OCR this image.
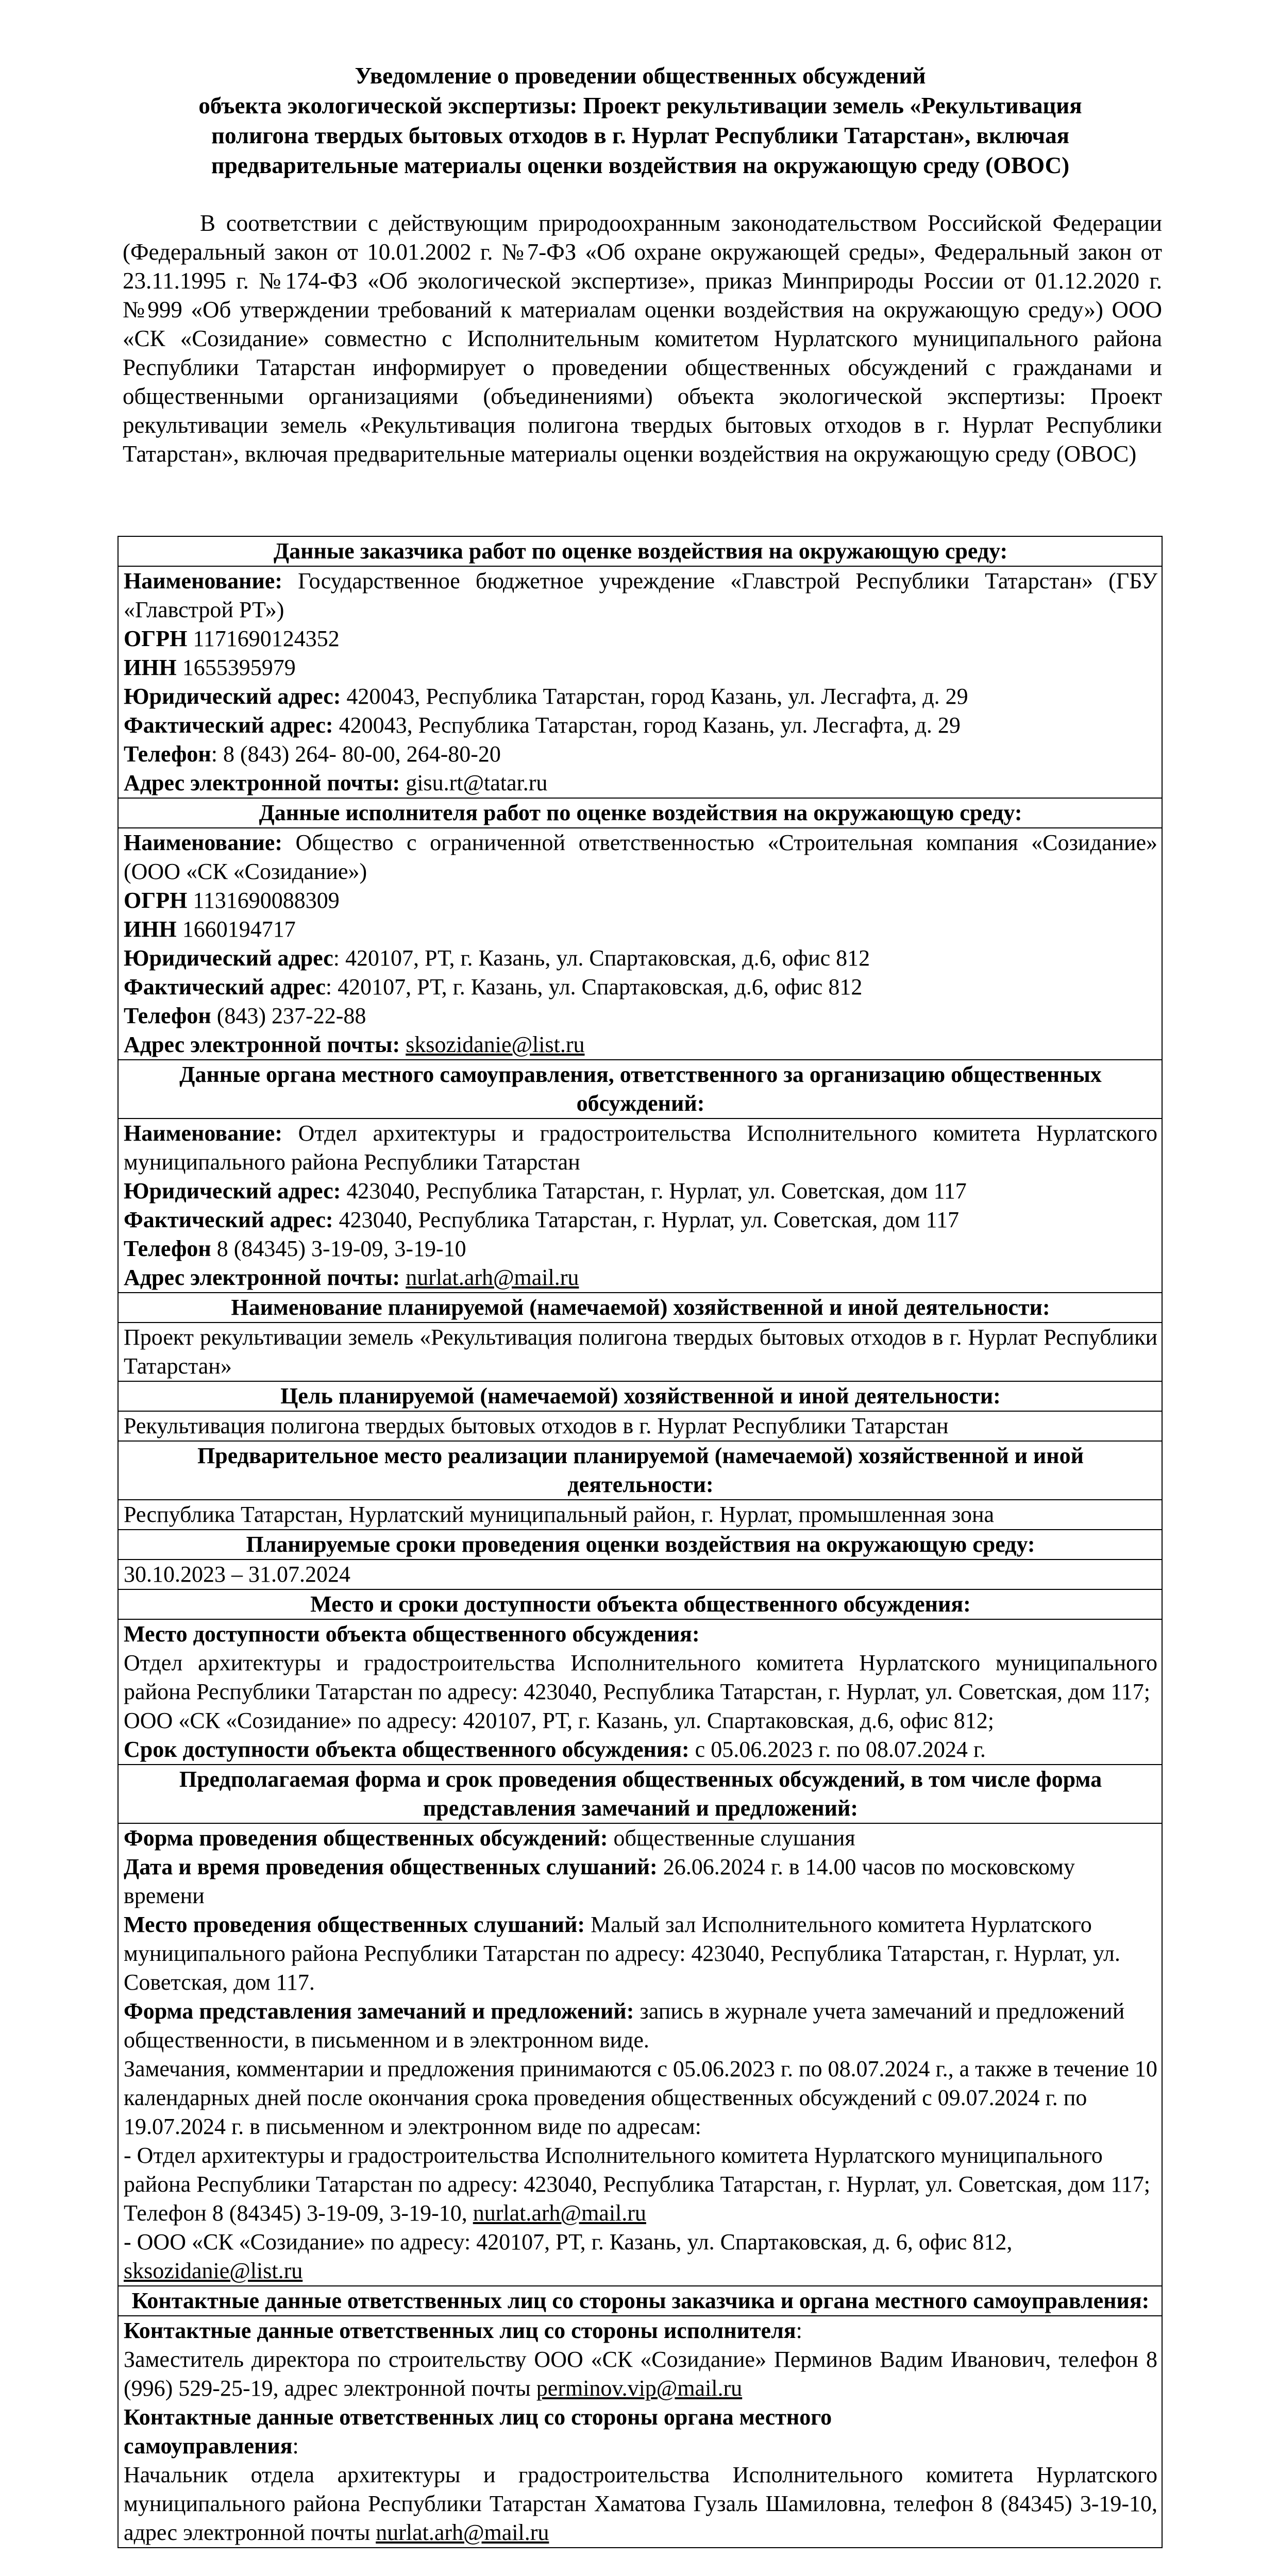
Уведомление о проведении общественных обсуждений
объекта экологической экспертизы: Проект рекультивации земель «Рекультивация
полигона твердых бытовых отходов в г. Нурлат Республики Татарстан», включая
предварительные материалы оценки воздействия на окружающую среду (ОВОС)

В соответствии с действующим природоохранным законодательством Российской Федерации (Федеральный закон от 10.01.2002 г. №7-ФЗ «Об охране окружающей среды», Федеральный закон от 23.11.1995 г. №174-ФЗ «Об экологической экспертизе», приказ Минприроды России от 01.12.2020 г. №999 «Об утверждении требований к материалам оценки воздействия на окружающую среду») ООО «СК «Созидание» совместно с Исполнительным комитетом Нурлатского муниципального района Республики Татарстан информирует о проведении общественных обсуждений с гражданами и общественными организациями (объединениями) объекта экологической экспертизы: Проект рекультивации земель «Рекультивация полигона твердых бытовых отходов в г. Нурлат Республики Татарстан», включая предварительные материалы оценки воздействия на окружающую среду (ОВОС)

Данные заказчика работ по оценке воздействия на окружающую среду:

Наименование: Государственное бюджетное учреждение «Главстрой Республики Татарстан» (ГБУ «Главстрой РТ»)
ОГРН 1171690124352
ИНН 1655395979
Юридический адрес: 420043, Республика Татарстан, город Казань, ул. Лесгафта, д. 29
Фактический адрес: 420043, Республика Татарстан, город Казань, ул. Лесгафта, д. 29
Телефон: 8 (843) 264- 80-00, 264-80-20
Адрес электронной почты: gisu.rt@tatar.ru

Данные исполнителя работ по оценке воздействия на окружающую среду:

Наименование: Общество с ограниченной ответственностью «Строительная компания «Созидание» (ООО «СК «Созидание»)
ОГРН 1131690088309
ИНН 1660194717
Юридический адрес: 420107, РТ, г. Казань, ул. Спартаковская, д.6, офис 812
Фактический адрес: 420107, РТ, г. Казань, ул. Спартаковская, д.6, офис 812
Телефон (843) 237-22-88
Адрес электронной почты: sksozidanie@list.ru

Данные органа местного самоуправления, ответственного за организацию общественных обсуждений:

Наименование: Отдел архитектуры и градостроительства Исполнительного комитета Нурлатского муниципального района Республики Татарстан
Юридический адрес: 423040, Республика Татарстан, г. Нурлат, ул. Советская, дом 117
Фактический адрес: 423040, Республика Татарстан, г. Нурлат, ул. Советская, дом 117
Телефон 8 (84345) 3-19-09, 3-19-10
Адрес электронной почты: nurlat.arh@mail.ru

Наименование планируемой (намечаемой) хозяйственной и иной деятельности:
Проект рекультивации земель «Рекультивация полигона твердых бытовых отходов в г. Нурлат Республики Татарстан»
Цель планируемой (намечаемой) хозяйственной и иной деятельности:
Рекультивация полигона твердых бытовых отходов в г. Нурлат Республики Татарстан
Предварительное место реализации планируемой (намечаемой) хозяйственной и иной деятельности:
Республика Татарстан, Нурлатский муниципальный район, г. Нурлат, промышленная зона
Планируемые сроки проведения оценки воздействия на окружающую среду:
30.10.2023 – 31.07.2024
Место и сроки доступности объекта общественного обсуждения:

Место доступности объекта общественного обсуждения:
Отдел архитектуры и градостроительства Исполнительного комитета Нурлатского муниципального района Республики Татарстан по адресу: 423040, Республика Татарстан, г. Нурлат, ул. Советская, дом 117;
ООО «СК «Созидание» по адресу: 420107, РТ, г. Казань, ул. Спартаковская, д.6, офис 812;
Срок доступности объекта общественного обсуждения: с 05.06.2023 г. по 08.07.2024 г.

Предполагаемая форма и срок проведения общественных обсуждений, в том числе форма представления замечаний и предложений:

Форма проведения общественных обсуждений: общественные слушания
Дата и время проведения общественных слушаний: 26.06.2024 г. в 14.00 часов по московскому времени
Место проведения общественных слушаний: Малый зал Исполнительного комитета Нурлатского муниципального района Республики Татарстан по адресу: 423040, Республика Татарстан, г. Нурлат, ул. Советская, дом 117.
Форма представления замечаний и предложений: запись в журнале учета замечаний и предложений общественности, в письменном и в электронном виде.
Замечания, комментарии и предложения принимаются с 05.06.2023 г. по 08.07.2024 г., а также в течение 10 календарных дней после окончания срока проведения общественных обсуждений с 09.07.2024 г. по 19.07.2024 г. в письменном и электронном виде по адресам:
- Отдел архитектуры и градостроительства Исполнительного комитета Нурлатского муниципального района Республики Татарстан по адресу: 423040, Республика Татарстан, г. Нурлат, ул. Советская, дом 117; Телефон 8 (84345) 3-19-09, 3-19-10, nurlat.arh@mail.ru
- ООО «СК «Созидание» по адресу: 420107, РТ, г. Казань, ул. Спартаковская, д. 6, офис 812, sksozidanie@list.ru

Контактные данные ответственных лиц со стороны заказчика и органа местного самоуправления:

Контактные данные ответственных лиц со стороны исполнителя:
Заместитель директора по строительству ООО «СК «Созидание» Перминов Вадим Иванович, телефон 8 (996) 529-25-19, адрес электронной почты perminov.vip@mail.ru
Контактные данные ответственных лиц со стороны органа местного
самоуправления:
Начальник отдела архитектуры и градостроительства Исполнительного комитета Нурлатского муниципального района Республики Татарстан Хаматова Гузаль Шамиловна, телефон 8 (84345) 3-19-10, адрес электронной почты nurlat.arh@mail.ru
